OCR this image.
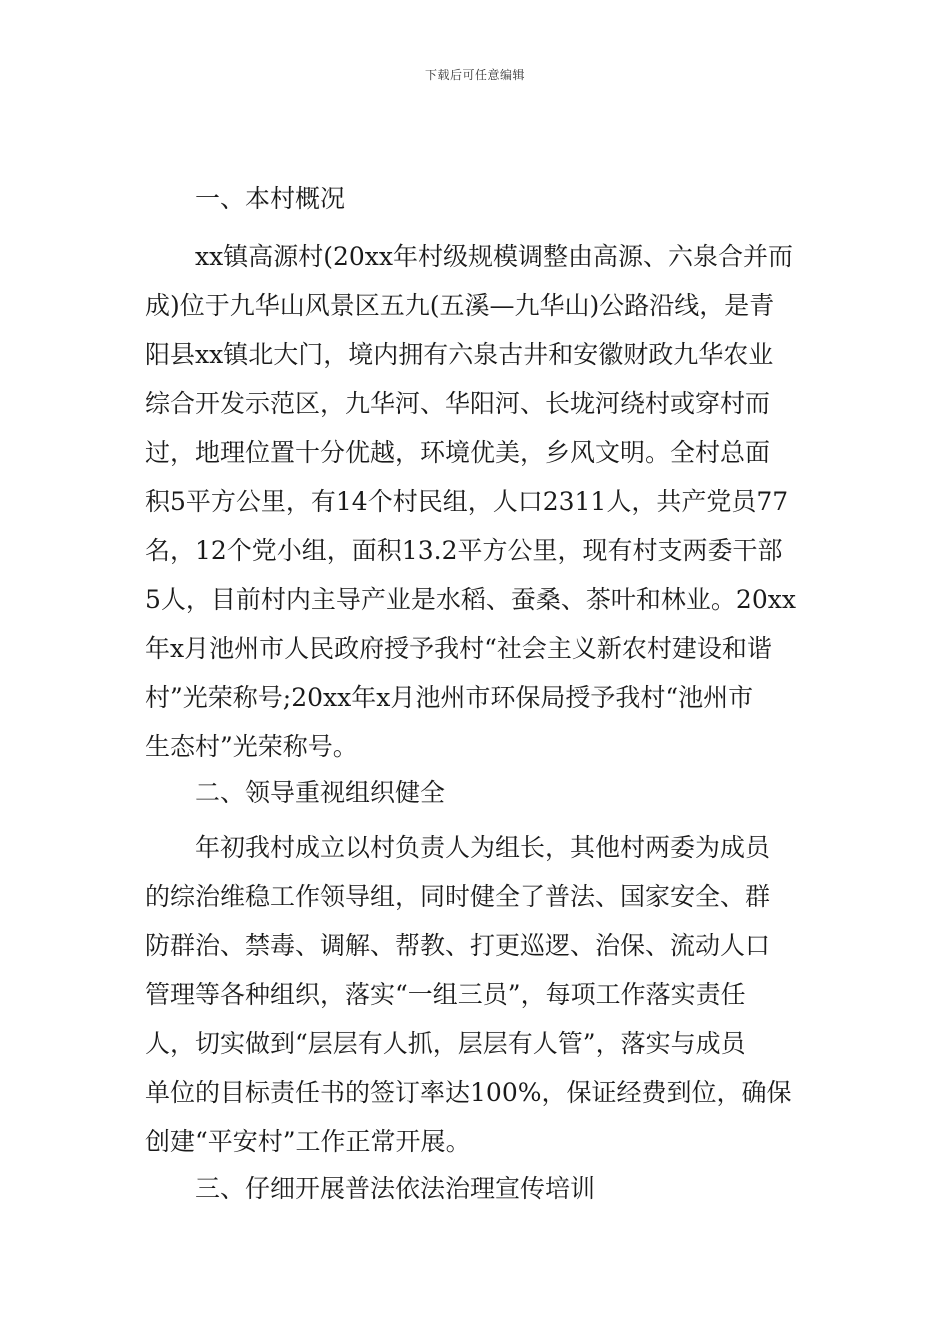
下载后可任意编辑
一、本村概况
xx镇高源村(20xx年村级规模调整由高源、六泉合并而
成)位于九华山风景区五九(五溪—九华山)公路沿线，是青
阳县xx镇北大门，境内拥有六泉古井和安徽财政九华农业
综合开发示范区，九华河、华阳河、长垅河绕村或穿村而
过，地理位置十分优越，环境优美，乡风文明。全村总面
积5平方公里，有14个村民组，人口2311人，共产党员77
名，12个党小组，面积13.2平方公里，现有村支两委干部
5人，目前村内主导产业是水稻、蚕桑、茶叶和林业。20xx
年x月池州市人民政府授予我村“社会主义新农村建设和谐
村”光荣称号;20xx年x月池州市环保局授予我村“池州市
生态村”光荣称号。
二、领导重视组织健全
年初我村成立以村负责人为组长，其他村两委为成员
的综治维稳工作领导组，同时健全了普法、国家安全、群
防群治、禁毒、调解、帮教、打更巡逻、治保、流动人口
管理等各种组织，落实“一组三员”，每项工作落实责任
人，切实做到“层层有人抓，层层有人管”，落实与成员
单位的目标责任书的签订率达100%，保证经费到位，确保
创建“平安村”工作正常开展。
三、仔细开展普法依法治理宣传培训
